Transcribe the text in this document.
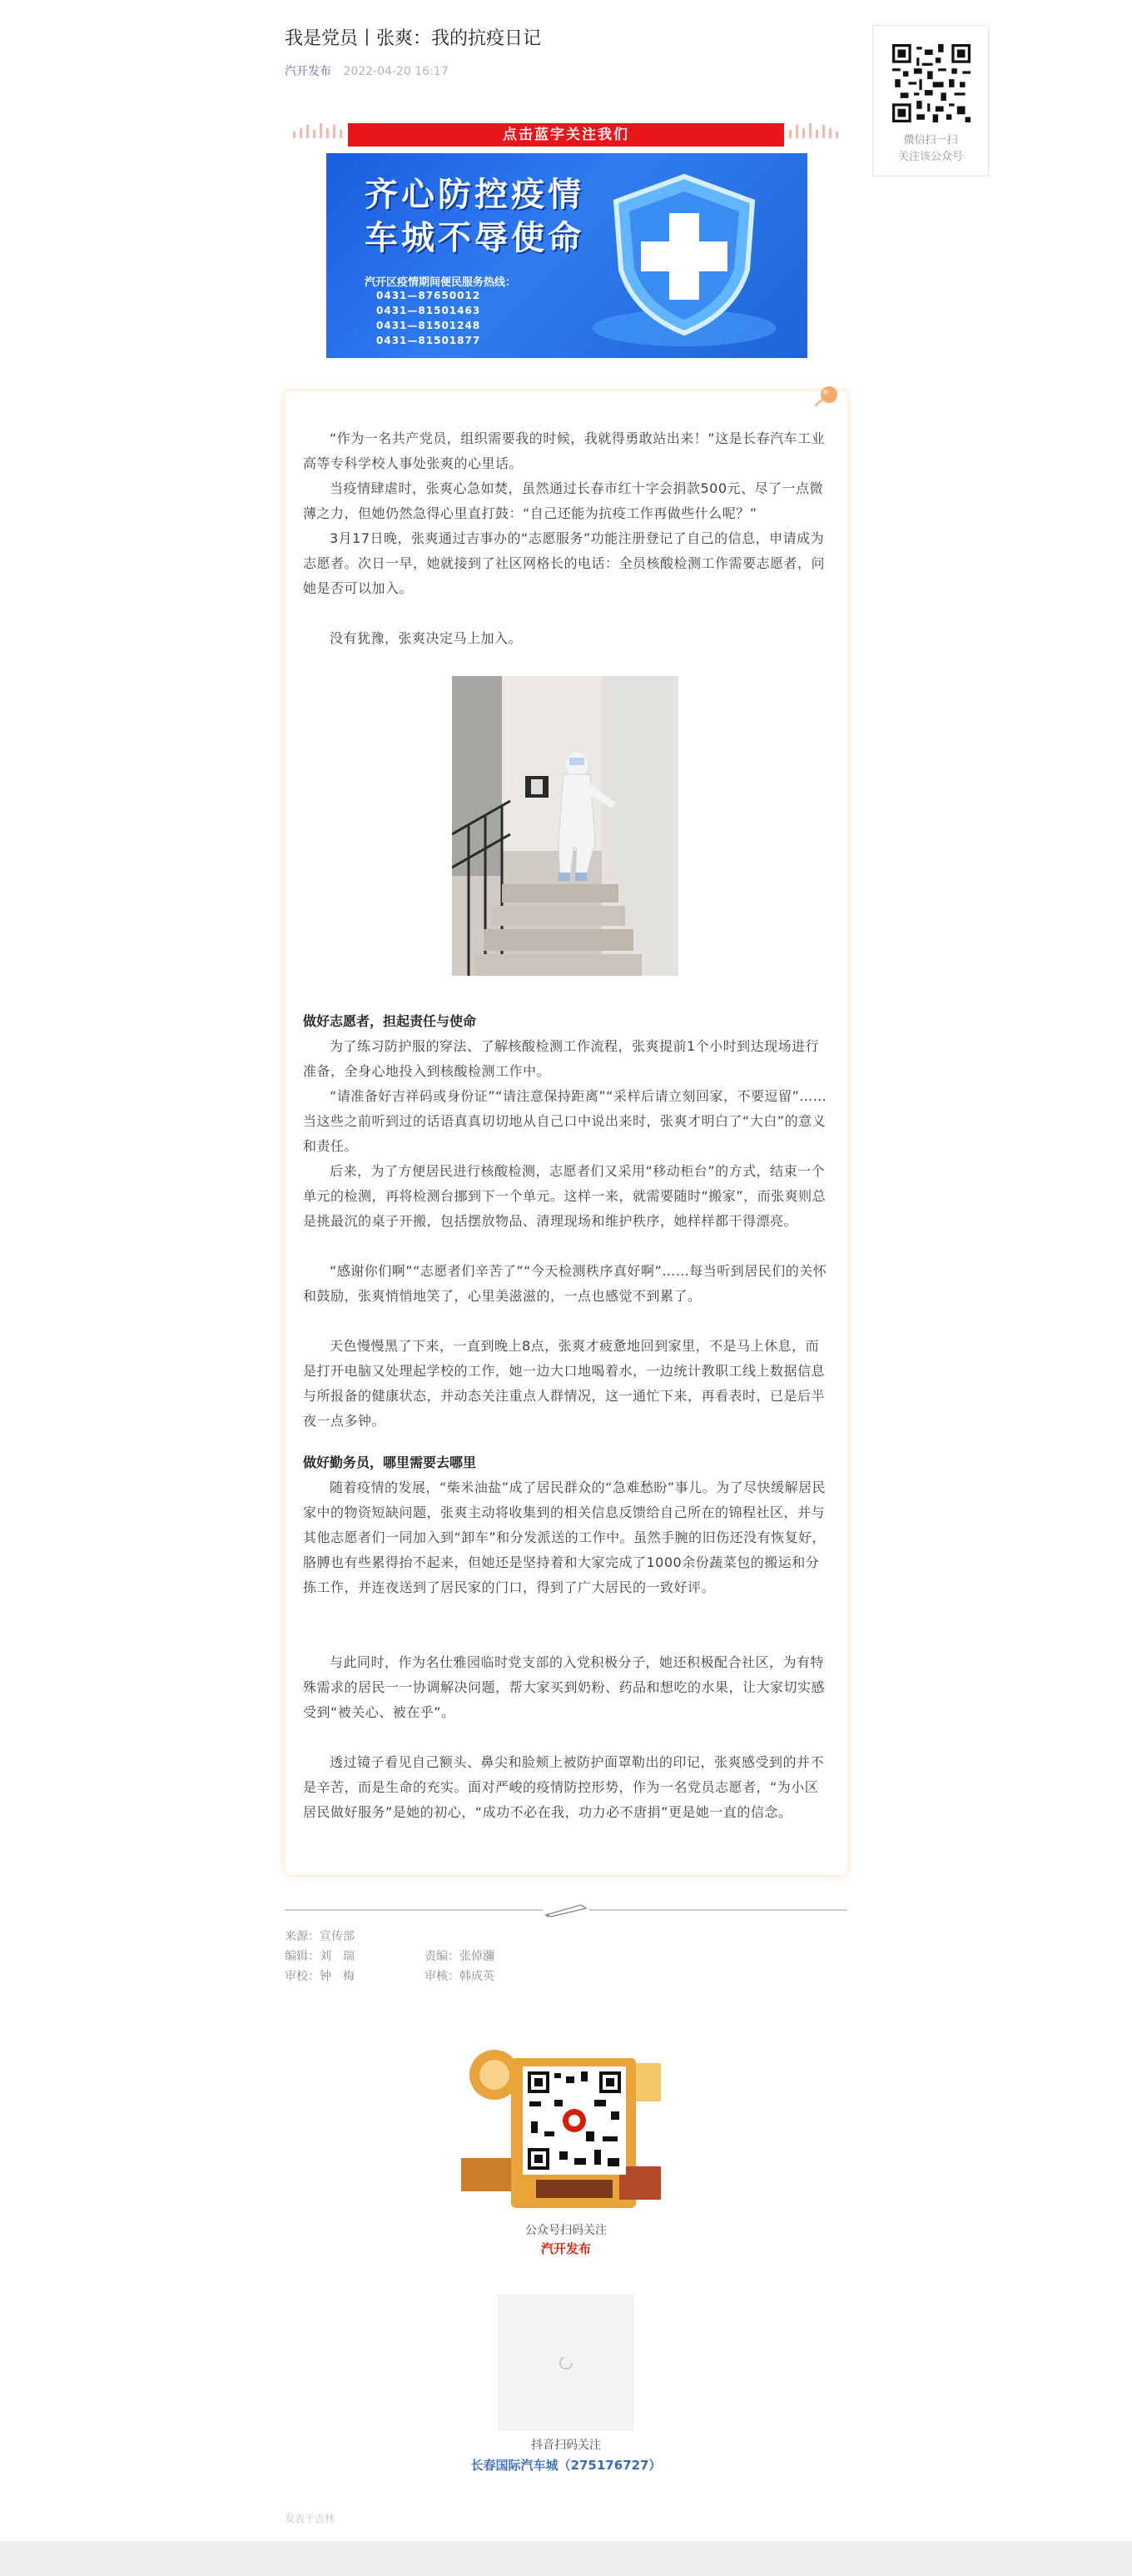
我是党员丨张爽：我的抗疫日记
汽开发布 2022-04-20 16:17
微信扫一扫
关注该公众号
点击蓝字关注我们
齐心防控疫情
车城不辱使命
汽开区疫情期间便民服务热线：
0431—87650012
0431—81501463
0431—81501248
0431—81501877

“作为一名共产党员，组织需要我的时候，我就得勇敢站出来！”这是长春汽车工业高等专科学校人事处张爽的心里话。

当疫情肆虐时，张爽心急如焚，虽然通过长春市红十字会捐款500元、尽了一点微薄之力，但她仍然急得心里直打鼓：“自己还能为抗疫工作再做些什么呢？”

3月17日晚，张爽通过吉事办的“志愿服务”功能注册登记了自己的信息，申请成为志愿者。次日一早，她就接到了社区网格长的电话：全员核酸检测工作需要志愿者，问她是否可以加入。

没有犹豫，张爽决定马上加入。

做好志愿者，担起责任与使命

为了练习防护服的穿法、了解核酸检测工作流程，张爽提前1个小时到达现场进行准备，全身心地投入到核酸检测工作中。

“请准备好吉祥码或身份证”“请注意保持距离”“采样后请立刻回家，不要逗留”……当这些之前听到过的话语真真切切地从自己口中说出来时，张爽才明白了“大白”的意义和责任。

后来，为了方便居民进行核酸检测，志愿者们又采用“移动柜台”的方式，结束一个单元的检测，再将检测台挪到下一个单元。这样一来，就需要随时“搬家”，而张爽则总是挑最沉的桌子开搬，包括摆放物品、清理现场和维护秩序，她样样都干得漂亮。

“感谢你们啊”“志愿者们辛苦了”“今天检测秩序真好啊”……每当听到居民们的关怀和鼓励，张爽悄悄地笑了，心里美滋滋的，一点也感觉不到累了。

天色慢慢黑了下来，一直到晚上8点，张爽才疲惫地回到家里，不是马上休息，而是打开电脑又处理起学校的工作，她一边大口地喝着水，一边统计教职工线上数据信息与所报备的健康状态，并动态关注重点人群情况，这一通忙下来，再看表时，已是后半夜一点多钟。

做好勤务员，哪里需要去哪里

随着疫情的发展，“柴米油盐”成了居民群众的“急难愁盼”事儿。为了尽快缓解居民家中的物资短缺问题，张爽主动将收集到的相关信息反馈给自己所在的锦程社区，并与其他志愿者们一同加入到“卸车”和分发派送的工作中。虽然手腕的旧伤还没有恢复好，胳膊也有些累得抬不起来，但她还是坚持着和大家完成了1000余份蔬菜包的搬运和分拣工作，并连夜送到了居民家的门口，得到了广大居民的一致好评。

与此同时，作为名仕雅园临时党支部的入党积极分子，她还积极配合社区，为有特殊需求的居民一一协调解决问题，帮大家买到奶粉、药品和想吃的水果，让大家切实感受到“被关心、被在乎”。

透过镜子看见自己额头、鼻尖和脸颊上被防护面罩勒出的印记，张爽感受到的并不是辛苦，而是生命的充实。面对严峻的疫情防控形势，作为一名党员志愿者，“为小区居民做好服务”是她的初心，“成功不必在我，功力必不唐捐”更是她一直的信念。

来源：宣传部
编辑：刘　瑞	责编：张倬瀰
审校：钟　梅	审核：韩成英
公众号扫码关注
汽开发布
抖音扫码关注
长春国际汽车城（275176727）
发表于吉林
